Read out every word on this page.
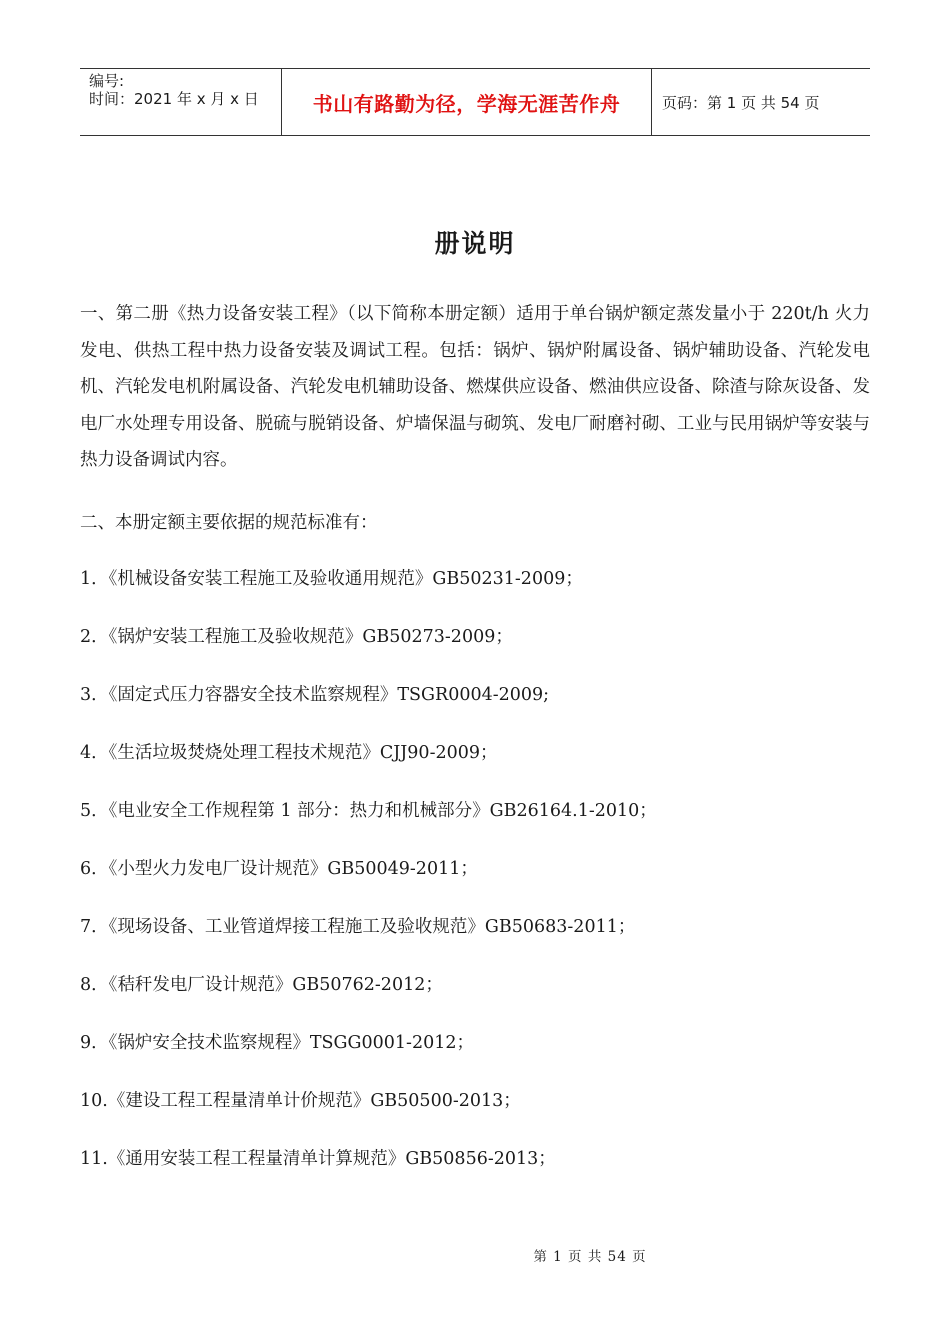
编号:
时间：2021 年 x 月 x 日	书山有路勤为径，学海无涯苦作舟	页码：第 1 页 共 54 页
册说明

一、第二册《热力设备安装工程》（以下简称本册定额）适用于单台锅炉额定蒸发量小于 220t/h 火力发电、供热工程中热力设备安装及调试工程。包括：锅炉、锅炉附属设备、锅炉辅助设备、汽轮发电机、汽轮发电机附属设备、汽轮发电机辅助设备、燃煤供应设备、燃油供应设备、除渣与除灰设备、发电厂水处理专用设备、脱硫与脱销设备、炉墙保温与砌筑、发电厂耐磨衬砌、工业与民用锅炉等安装与热力设备调试内容。

二、本册定额主要依据的规范标准有：

1．《机械设备安装工程施工及验收通用规范》GB50231-2009；
2．《锅炉安装工程施工及验收规范》GB50273-2009；
3．《固定式压力容器安全技术监察规程》TSGR0004-2009;
4．《生活垃圾焚烧处理工程技术规范》CJJ90-2009；
5．《电业安全工作规程第 1 部分：热力和机械部分》GB26164.1-2010；
6．《小型火力发电厂设计规范》GB50049-2011；
7．《现场设备、工业管道焊接工程施工及验收规范》GB50683-2011；
8．《秸秆发电厂设计规范》GB50762-2012；
9．《锅炉安全技术监察规程》TSGG0001-2012；
10.《建设工程工程量清单计价规范》GB50500-2013；
11.《通用安装工程工程量清单计算规范》GB50856-2013；
第 1 页 共 54 页
